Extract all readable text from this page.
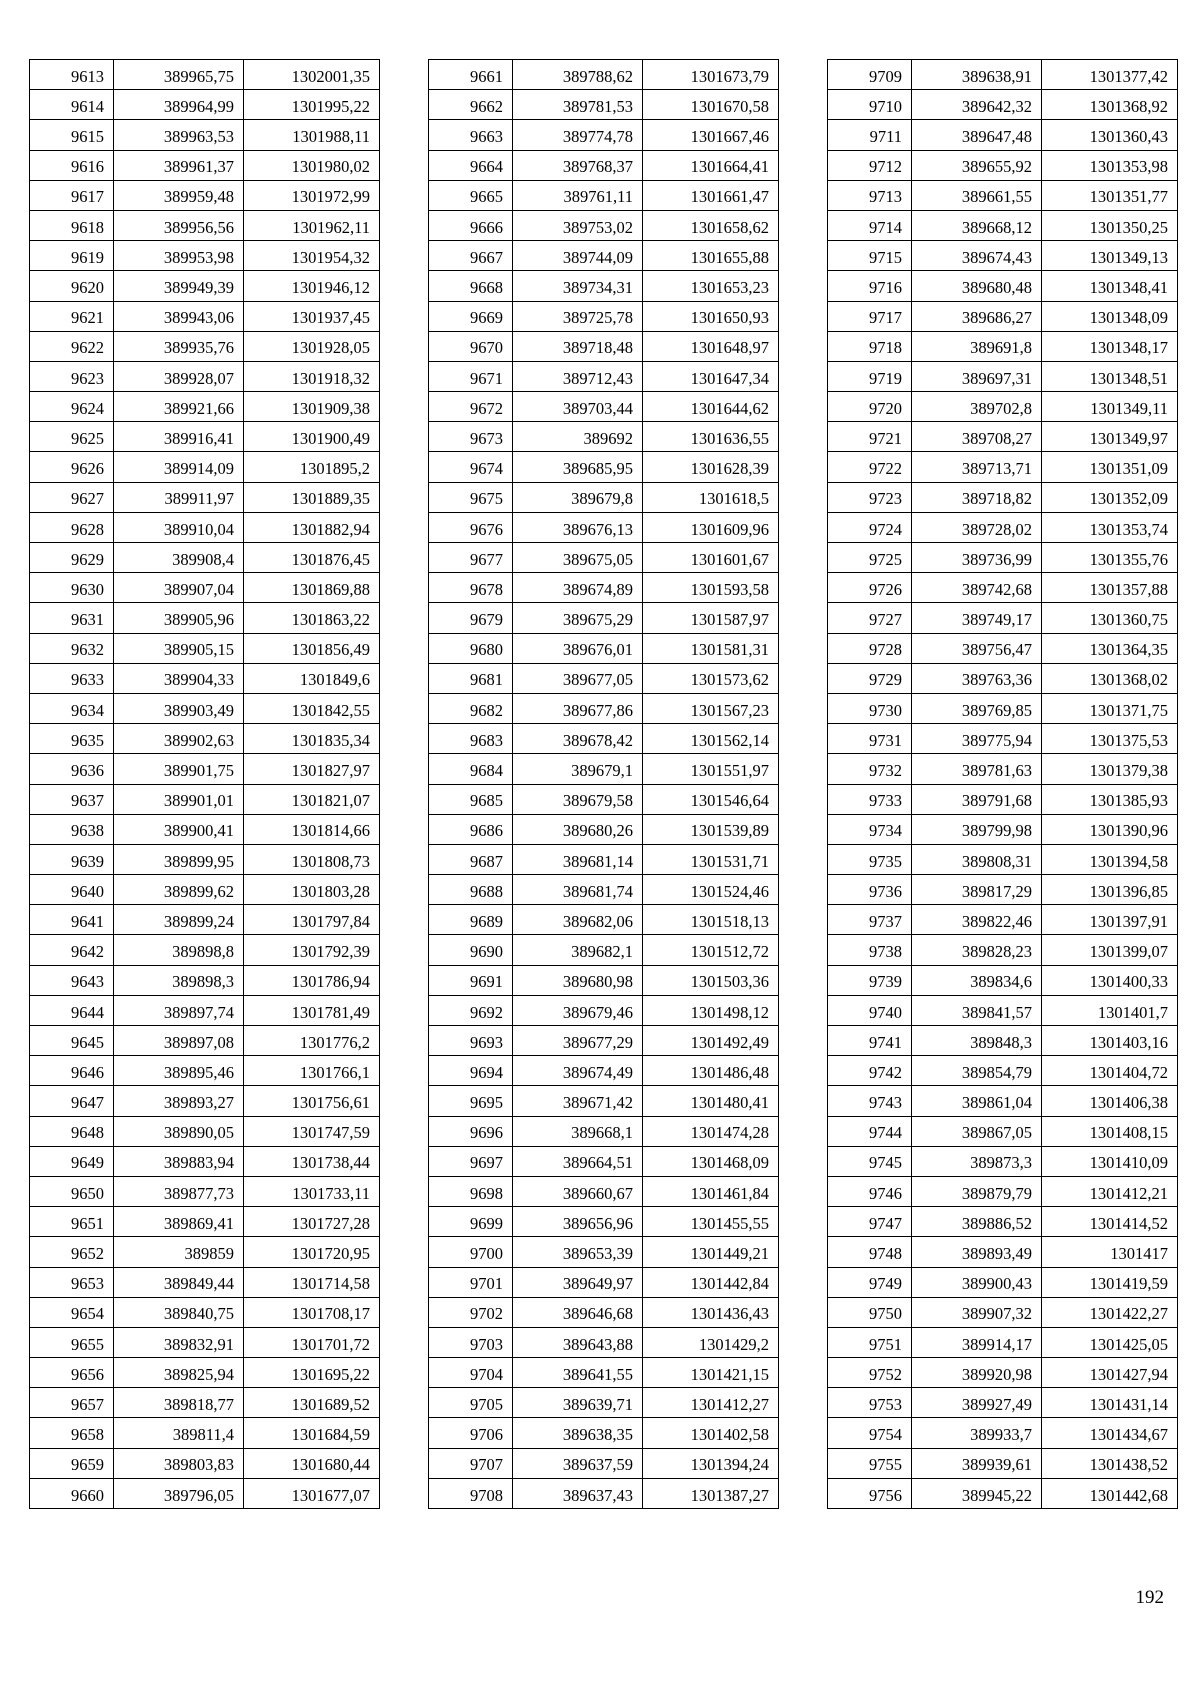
9613	389965,75	1302001,35
9614	389964,99	1301995,22
9615	389963,53	1301988,11
9616	389961,37	1301980,02
9617	389959,48	1301972,99
9618	389956,56	1301962,11
9619	389953,98	1301954,32
9620	389949,39	1301946,12
9621	389943,06	1301937,45
9622	389935,76	1301928,05
9623	389928,07	1301918,32
9624	389921,66	1301909,38
9625	389916,41	1301900,49
9626	389914,09	1301895,2
9627	389911,97	1301889,35
9628	389910,04	1301882,94
9629	389908,4	1301876,45
9630	389907,04	1301869,88
9631	389905,96	1301863,22
9632	389905,15	1301856,49
9633	389904,33	1301849,6
9634	389903,49	1301842,55
9635	389902,63	1301835,34
9636	389901,75	1301827,97
9637	389901,01	1301821,07
9638	389900,41	1301814,66
9639	389899,95	1301808,73
9640	389899,62	1301803,28
9641	389899,24	1301797,84
9642	389898,8	1301792,39
9643	389898,3	1301786,94
9644	389897,74	1301781,49
9645	389897,08	1301776,2
9646	389895,46	1301766,1
9647	389893,27	1301756,61
9648	389890,05	1301747,59
9649	389883,94	1301738,44
9650	389877,73	1301733,11
9651	389869,41	1301727,28
9652	389859	1301720,95
9653	389849,44	1301714,58
9654	389840,75	1301708,17
9655	389832,91	1301701,72
9656	389825,94	1301695,22
9657	389818,77	1301689,52
9658	389811,4	1301684,59
9659	389803,83	1301680,44
9660	389796,05	1301677,07
9661	389788,62	1301673,79
9662	389781,53	1301670,58
9663	389774,78	1301667,46
9664	389768,37	1301664,41
9665	389761,11	1301661,47
9666	389753,02	1301658,62
9667	389744,09	1301655,88
9668	389734,31	1301653,23
9669	389725,78	1301650,93
9670	389718,48	1301648,97
9671	389712,43	1301647,34
9672	389703,44	1301644,62
9673	389692	1301636,55
9674	389685,95	1301628,39
9675	389679,8	1301618,5
9676	389676,13	1301609,96
9677	389675,05	1301601,67
9678	389674,89	1301593,58
9679	389675,29	1301587,97
9680	389676,01	1301581,31
9681	389677,05	1301573,62
9682	389677,86	1301567,23
9683	389678,42	1301562,14
9684	389679,1	1301551,97
9685	389679,58	1301546,64
9686	389680,26	1301539,89
9687	389681,14	1301531,71
9688	389681,74	1301524,46
9689	389682,06	1301518,13
9690	389682,1	1301512,72
9691	389680,98	1301503,36
9692	389679,46	1301498,12
9693	389677,29	1301492,49
9694	389674,49	1301486,48
9695	389671,42	1301480,41
9696	389668,1	1301474,28
9697	389664,51	1301468,09
9698	389660,67	1301461,84
9699	389656,96	1301455,55
9700	389653,39	1301449,21
9701	389649,97	1301442,84
9702	389646,68	1301436,43
9703	389643,88	1301429,2
9704	389641,55	1301421,15
9705	389639,71	1301412,27
9706	389638,35	1301402,58
9707	389637,59	1301394,24
9708	389637,43	1301387,27
9709	389638,91	1301377,42
9710	389642,32	1301368,92
9711	389647,48	1301360,43
9712	389655,92	1301353,98
9713	389661,55	1301351,77
9714	389668,12	1301350,25
9715	389674,43	1301349,13
9716	389680,48	1301348,41
9717	389686,27	1301348,09
9718	389691,8	1301348,17
9719	389697,31	1301348,51
9720	389702,8	1301349,11
9721	389708,27	1301349,97
9722	389713,71	1301351,09
9723	389718,82	1301352,09
9724	389728,02	1301353,74
9725	389736,99	1301355,76
9726	389742,68	1301357,88
9727	389749,17	1301360,75
9728	389756,47	1301364,35
9729	389763,36	1301368,02
9730	389769,85	1301371,75
9731	389775,94	1301375,53
9732	389781,63	1301379,38
9733	389791,68	1301385,93
9734	389799,98	1301390,96
9735	389808,31	1301394,58
9736	389817,29	1301396,85
9737	389822,46	1301397,91
9738	389828,23	1301399,07
9739	389834,6	1301400,33
9740	389841,57	1301401,7
9741	389848,3	1301403,16
9742	389854,79	1301404,72
9743	389861,04	1301406,38
9744	389867,05	1301408,15
9745	389873,3	1301410,09
9746	389879,79	1301412,21
9747	389886,52	1301414,52
9748	389893,49	1301417
9749	389900,43	1301419,59
9750	389907,32	1301422,27
9751	389914,17	1301425,05
9752	389920,98	1301427,94
9753	389927,49	1301431,14
9754	389933,7	1301434,67
9755	389939,61	1301438,52
9756	389945,22	1301442,68
192
